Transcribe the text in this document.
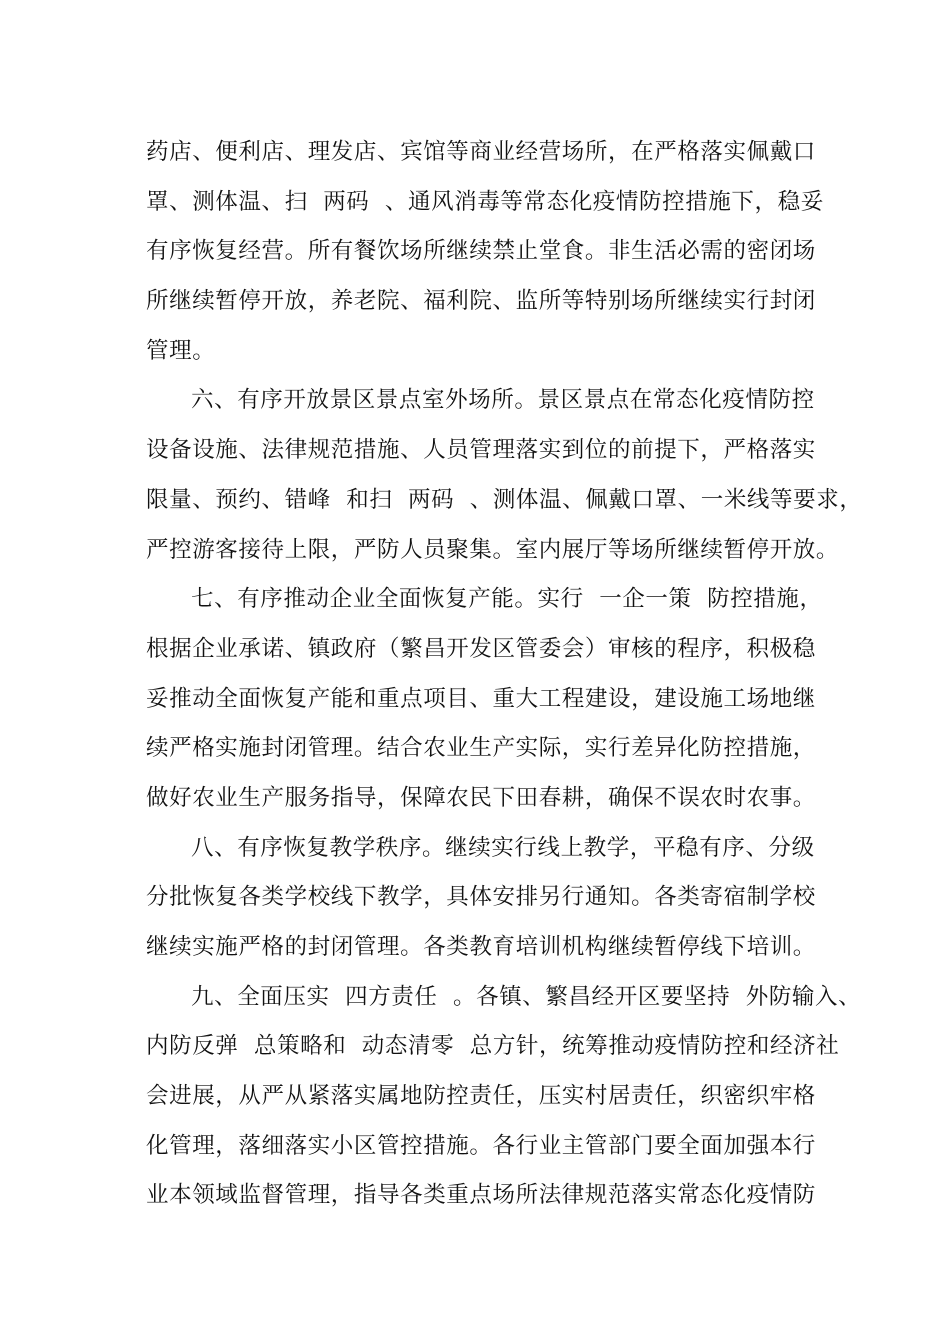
药店、便利店、理发店、宾馆等商业经营场所，在严格落实佩戴口
罩、测体温、扫  两码  、通风消毒等常态化疫情防控措施下，稳妥
有序恢复经营。所有餐饮场所继续禁止堂食。非生活必需的密闭场
所继续暂停开放，养老院、福利院、监所等特别场所继续实行封闭
管理。
六、有序开放景区景点室外场所。景区景点在常态化疫情防控
设备设施、法律规范措施、人员管理落实到位的前提下，严格落实
限量、预约、错峰  和扫  两码  、测体温、佩戴口罩、一米线等要求，
严控游客接待上限，严防人员聚集。室内展厅等场所继续暂停开放。
七、有序推动企业全面恢复产能。实行  一企一策  防控措施，
根据企业承诺、镇政府（繁昌开发区管委会）审核的程序，积极稳
妥推动全面恢复产能和重点项目、重大工程建设，建设施工场地继
续严格实施封闭管理。结合农业生产实际，实行差异化防控措施，
做好农业生产服务指导，保障农民下田春耕，确保不误农时农事。
八、有序恢复教学秩序。继续实行线上教学，平稳有序、分级
分批恢复各类学校线下教学，具体安排另行通知。各类寄宿制学校
继续实施严格的封闭管理。各类教育培训机构继续暂停线下培训。
九、全面压实  四方责任  。各镇、繁昌经开区要坚持  外防输入、
内防反弹  总策略和  动态清零  总方针，统筹推动疫情防控和经济社
会进展，从严从紧落实属地防控责任，压实村居责任，织密织牢格
化管理，落细落实小区管控措施。各行业主管部门要全面加强本行
业本领域监督管理，指导各类重点场所法律规范落实常态化疫情防
